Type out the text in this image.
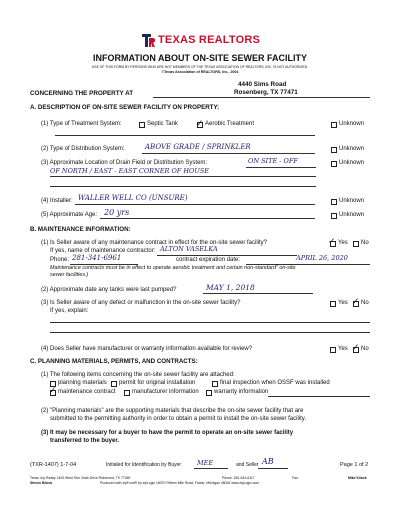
TEXAS REALTORS
INFORMATION ABOUT ON-SITE SEWER FACILITY
USE OF THIS FORM BY PERSONS WHO ARE NOT MEMBERS OF THE TEXAS ASSOCIATION OF REALTORS, INC. IS NOT AUTHORIZED.
©Texas Association of REALTORS, Inc., 2004
4440 Sims Road
CONCERNING THE PROPERTY AT	Rosenberg, TX 77471
A. DESCRIPTION OF ON-SITE SEWER FACILITY ON PROPERTY:
(1) Type of Treatment System:	Septic Tank ✓ Aerobic Treatment	Unknown
(2) Type of Distribution System:	ABOVE GRADE / SPRINKLER	Unknown
(3) Approximate Location of Drain Field or Distribution System:	ON SITE - OFF	Unknown
OF NORTH / EAST - EAST CORNER OF HOUSE
(4) Installer: WALLER WELL CO (UNSURE)	Unknown
(5) Approximate Age: 20 yrs	Unknown
B. MAINTENANCE INFORMATION:
(1) Is Seller aware of any maintenance contract in effect for the on-site sewer facility?	✓ Yes No
If yes, name of maintenance contractor: ALTON VASELKA
Phone: 281-341-6961	contract expiration date:	APRIL 26, 2020
Maintenance contracts must be in effect to operate aerobic treatment and certain non-standard" on-site
sewer facilities.)
(2) Approximate date any tanks were last pumped?	MAY 1, 2018
(3) Is Seller aware of any defect or malfunction in the on-site sewer facility?	Yes ✓ No
If yes, explain:
(4) Does Seller have manufacturer or warranty information available for review?	Yes ✓ No
C. PLANNING MATERIALS, PERMITS, AND CONTRACTS:
(1) The following items concerning the on-site sewer facility are attached:
planning materials permit for original installation	final inspection when OSSF was installed
✓ maintenance contract	manufacturer information	warranty information
(2) "Planning materials" are the supporting materials that describe the on-site sewer facility that are
submitted to the permitting authority in order to obtain a permit to install the on-site sewer facility.
(3) It may be necessary for a buyer to have the permit to operate an on-site sewer facility
transferred to the buyer.
(TXR-1407) 1-7-04	Initialed for Identification by Buyer MEE	and Seller AB	Page 1 of 2
Texas Joy Realty 1400 West Tom Clark Drive Richmond, TX 77469	Phone: 281-643-6117	Fax:	Mike Kilock
Steven Bilock	Produced with zipForm® by zipLogix 18070 Fifteen Mile Road, Fraser, Michigan 48026 www.zipLogix.com
